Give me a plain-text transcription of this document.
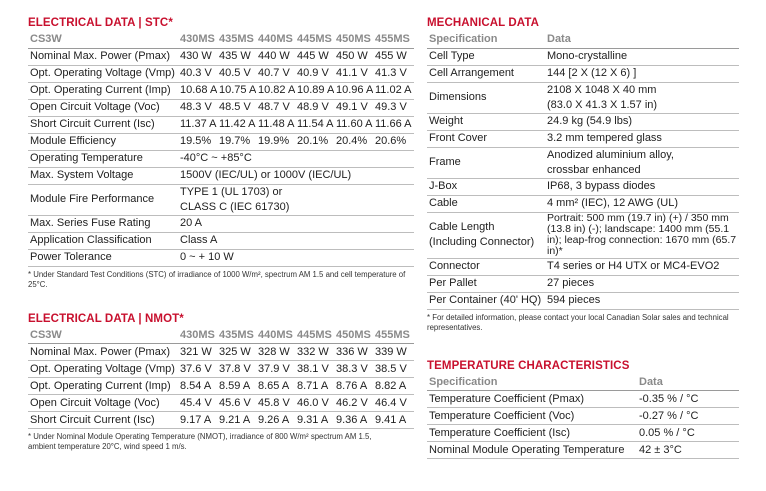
ELECTRICAL DATA | STC*
CS3W	430MS	435MS	440MS	445MS	450MS	455MS
Nominal Max. Power (Pmax)	430 W	435 W	440 W	445 W	450 W	455 W
Opt. Operating Voltage (Vmp)	40.3 V	40.5 V	40.7 V	40.9 V	41.1 V	41.3 V
Opt. Operating Current (Imp)	10.68 A	10.75 A	10.82 A	10.89 A	10.96 A	11.02 A
Open Circuit Voltage (Voc)	48.3 V	48.5 V	48.7 V	48.9 V	49.1 V	49.3 V
Short Circuit Current (Isc)	11.37 A	11.42 A	11.48 A	11.54 A	11.60 A	11.66 A
Module Efficiency	19.5%	19.7%	19.9%	20.1%	20.4%	20.6%
Operating Temperature	-40°C ~ +85°C					
Max. System Voltage	1500V (IEC/UL) or 1000V (IEC/UL)					
Module Fire Performance	TYPE 1 (UL 1703) or
CLASS C (IEC 61730)					

Max. Series Fuse Rating	20 A					
Application Classification	Class A					
Power Tolerance	0 ~ + 10 W					
* Under Standard Test Conditions (STC) of irradiance of 1000 W/m², spectrum AM 1.5 and cell temperature of 25°C.
ELECTRICAL DATA | NMOT*
CS3W	430MS	435MS	440MS	445MS	450MS	455MS
Nominal Max. Power (Pmax)	321 W	325 W	328 W	332 W	336 W	339 W
Opt. Operating Voltage (Vmp)	37.6 V	37.8 V	37.9 V	38.1 V	38.3 V	38.5 V
Opt. Operating Current (Imp)	8.54 A	8.59 A	8.65 A	8.71 A	8.76 A	8.82 A
Open Circuit Voltage (Voc)	45.4 V	45.6 V	45.8 V	46.0 V	46.2 V	46.4 V
Short Circuit Current (Isc)	9.17 A	9.21 A	9.26 A	9.31 A	9.36 A	9.41 A
* Under Nominal Module Operating Temperature (NMOT), irradiance of 800 W/m² spectrum AM 1.5,
ambient temperature 20°C, wind speed 1 m/s.
MECHANICAL DATA
Specification	Data
Cell Type	Mono-crystalline
Cell Arrangement	144 [2 X (12 X 6) ]
Dimensions	2108 X 1048 X 40 mm
(83.0 X 41.3 X 1.57 in)

Weight	24.9 kg (54.9 lbs)
Front Cover	3.2 mm tempered glass
Frame	Anodized aluminium alloy,
crossbar enhanced

J-Box	IP68, 3 bypass diodes
Cable	4 mm² (IEC), 12 AWG (UL)

Cable Length
(Including Connector)	Portrait: 500 mm (19.7 in) (+) / 350 mm (13.8 in) (-); landscape: 1400 mm (55.1 in); leap-frog connection: 1670 mm (65.7 in)*
Connector	T4 series or H4 UTX or MC4-EVO2
Per Pallet	27 pieces
Per Container (40' HQ)	594 pieces
* For detailed information, please contact your local Canadian Solar sales and technical representatives.
TEMPERATURE CHARACTERISTICS
Specification	Data
Temperature Coefficient (Pmax)	-0.35 % / °C
Temperature Coefficient (Voc)	-0.27 % / °C
Temperature Coefficient (Isc)	0.05 % / °C
Nominal Module Operating Temperature	42 ± 3°C
